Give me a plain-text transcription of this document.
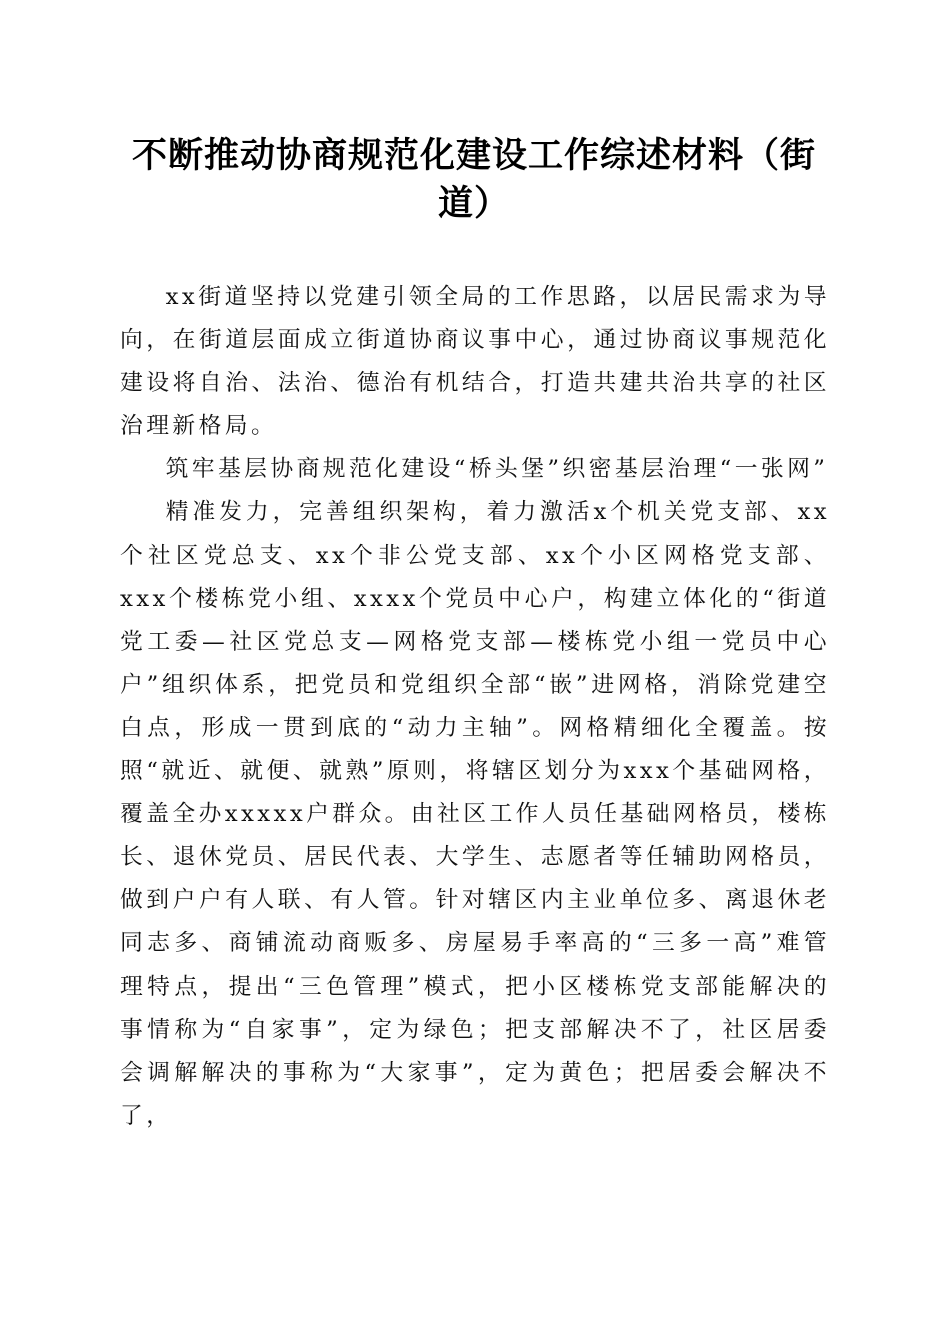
不断推动协商规范化建设工作综述材料（街道）

xx街道坚持以党建引领全局的工作思路，以居民需求为导向，在街道层面成立街道协商议事中心，通过协商议事规范化建设将自治、法治、德治有机结合，打造共建共治共享的社区治理新格局。

筑牢基层协商规范化建设“桥头堡”织密基层治理“一张网”

精准发力，完善组织架构，着力激活x个机关党支部、xx个社区党总支、xx个非公党支部、xx个小区网格党支部、xxx个楼栋党小组、xxxx个党员中心户，构建立体化的“街道党工委—社区党总支—网格党支部—楼栋党小组一党员中心户”组织体系，把党员和党组织全部“嵌”进网格，消除党建空白点，形成一贯到底的“动力主轴”。网格精细化全覆盖。按照“就近、就便、就熟”原则，将辖区划分为xxx个基础网格，覆盖全办xxxxx户群众。由社区工作人员任基础网格员，楼栋长、退休党员、居民代表、大学生、志愿者等任辅助网格员，做到户户有人联、有人管。针对辖区内主业单位多、离退休老同志多、商铺流动商贩多、房屋易手率高的“三多一高”难管理特点，提出“三色管理”模式，把小区楼栋党支部能解决的事情称为“自家事”，定为绿色；把支部解决不了，社区居委会调解解决的事称为“大家事”，定为黄色；把居委会解决不了，
